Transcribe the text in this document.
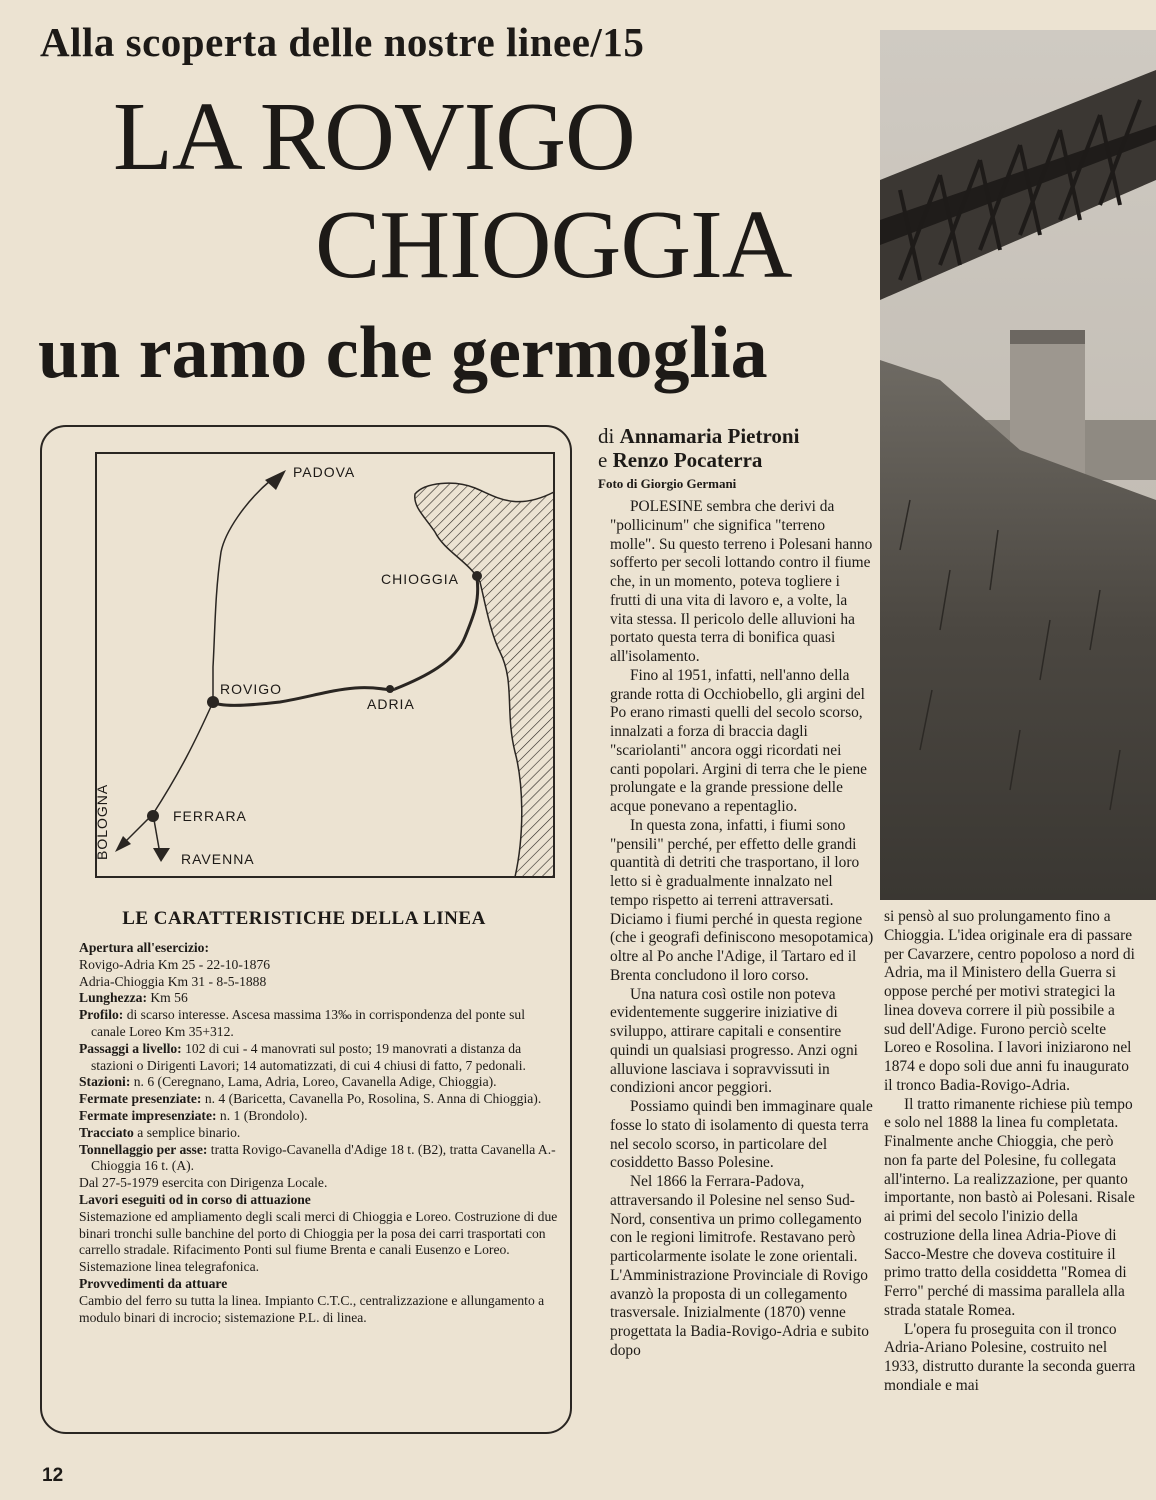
Alla scoperta delle nostre linee/15
LA ROVIGO
CHIOGGIA
un ramo che germoglia
PADOVA
CHIOGGIA
ROVIGO
ADRIA
FERRARA
RAVENNA
BOLOGNA
LE CARATTERISTICHE DELLA LINEA

Apertura all'esercizio:

Rovigo-Adria Km 25 - 22-10-1876

Adria-Chioggia Km 31 - 8-5-1888

Lunghezza: Km 56

Profilo: di scarso interesse. Ascesa massima 13‰ in corrispondenza del ponte sul canale Loreo Km 35+312.

Passaggi a livello: 102 di cui - 4 manovrati sul posto; 19 manovrati a distanza da stazioni o Dirigenti Lavori; 14 automatizzati, di cui 4 chiusi di fatto, 7 pedonali.

Stazioni: n. 6 (Ceregnano, Lama, Adria, Loreo, Cavanella Adige, Chioggia).

Fermate presenziate: n. 4 (Baricetta, Cavanella Po, Rosolina, S. Anna di Chioggia).

Fermate impresenziate: n. 1 (Brondolo).

Tracciato a semplice binario.

Tonnellaggio per asse: tratta Rovigo-Cavanella d'Adige 18 t. (B2), tratta Cavanella A.-Chioggia 16 t. (A).

Dal 27-5-1979 esercita con Dirigenza Locale.

Lavori eseguiti od in corso di attuazione

Sistemazione ed ampliamento degli scali merci di Chioggia e Loreo. Costruzione di due binari tronchi sulle banchine del porto di Chioggia per la posa dei carri trasportati con carrello stradale. Rifacimento Ponti sul fiume Brenta e canali Eusenzo e Loreo. Sistemazione linea telegrafonica.

Provvedimenti da attuare

Cambio del ferro su tutta la linea. Impianto C.T.C., centralizzazione e allungamento a modulo binari di incrocio; sistemazione P.L. di linea.

di Annamaria Pietroni
e Renzo Pocaterra
Foto di Giorgio Germani

POLESINE sembra che derivi da "pollicinum" che significa "terreno molle". Su questo terreno i Polesani hanno sofferto per secoli lottando contro il fiume che, in un momento, poteva togliere i frutti di una vita di lavoro e, a volte, la vita stessa. Il pericolo delle alluvioni ha portato questa terra di bonifica quasi all'isolamento.

Fino al 1951, infatti, nell'anno della grande rotta di Occhiobello, gli argini del Po erano rimasti quelli del secolo scorso, innalzati a forza di braccia dagli "scariolanti" ancora oggi ricordati nei canti popolari. Argini di terra che le piene prolungate e la grande pressione delle acque ponevano a repentaglio.

In questa zona, infatti, i fiumi sono "pensili" perché, per effetto delle grandi quantità di detriti che trasportano, il loro letto si è gradualmente innalzato nel tempo rispetto ai terreni attraversati. Diciamo i fiumi perché in questa regione (che i geografi definiscono mesopotamica) oltre al Po anche l'Adige, il Tartaro ed il Brenta concludono il loro corso.

Una natura così ostile non poteva evidentemente suggerire iniziative di sviluppo, attirare capitali e consentire quindi un qualsiasi progresso. Anzi ogni alluvione lasciava i sopravvissuti in condizioni ancor peggiori.

Possiamo quindi ben immaginare quale fosse lo stato di isolamento di questa terra nel secolo scorso, in particolare del cosiddetto Basso Polesine.

Nel 1866 la Ferrara-Padova, attraversando il Polesine nel senso Sud-Nord, consentiva un primo collegamento con le regioni limitrofe. Restavano però particolarmente isolate le zone orientali. L'Amministrazione Provinciale di Rovigo avanzò la proposta di un collegamento trasversale. Inizialmente (1870) venne progettata la Badia-Rovigo-Adria e subito dopo

si pensò al suo prolungamento fino a Chioggia. L'idea originale era di passare per Cavarzere, centro popoloso a nord di Adria, ma il Ministero della Guerra si oppose perché per motivi strategici la linea doveva correre il più possibile a sud dell'Adige. Furono perciò scelte Loreo e Rosolina. I lavori iniziarono nel 1874 e dopo soli due anni fu inaugurato il tronco Badia-Rovigo-Adria.

Il tratto rimanente richiese più tempo e solo nel 1888 la linea fu completata. Finalmente anche Chioggia, che però non fa parte del Polesine, fu collegata all'interno. La realizzazione, per quanto importante, non bastò ai Polesani. Risale ai primi del secolo l'inizio della costruzione della linea Adria-Piove di Sacco-Mestre che doveva costituire il primo tratto della cosiddetta "Romea di Ferro" perché di massima parallela alla strada statale Romea.

L'opera fu proseguita con il tronco Adria-Ariano Polesine, costruito nel 1933, distrutto durante la seconda guerra mondiale e mai

12
